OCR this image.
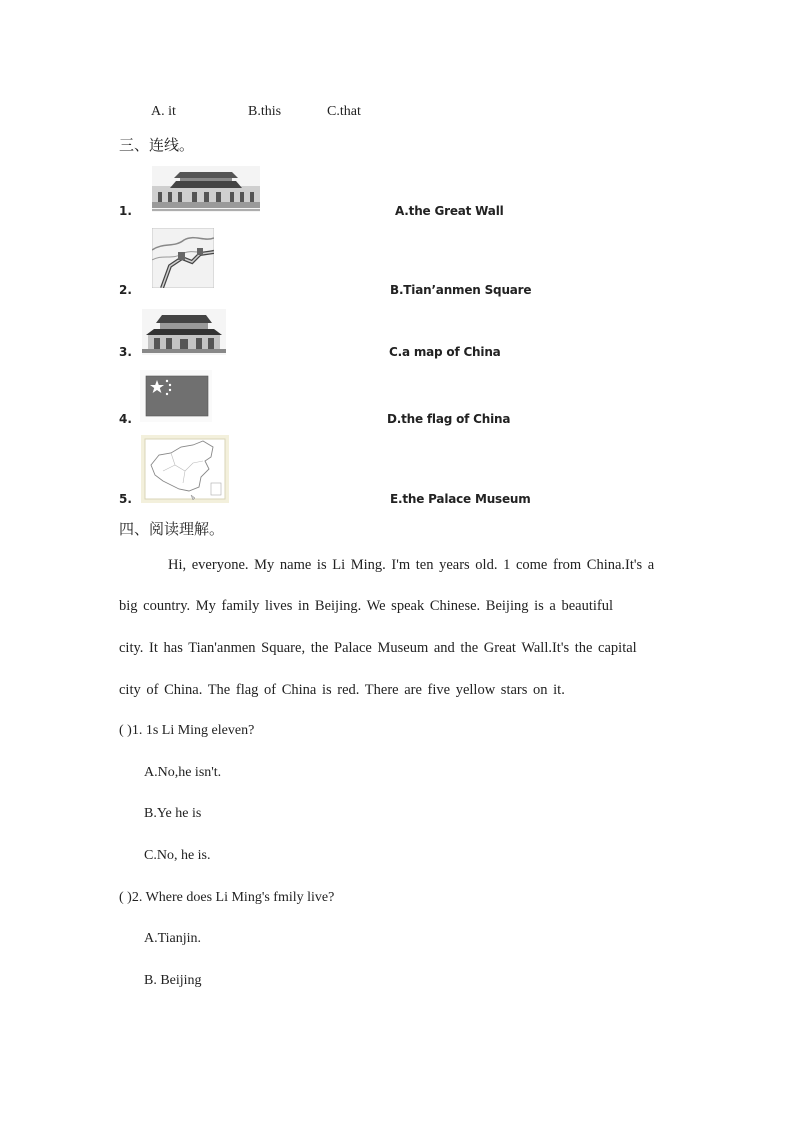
A. it	B.this	C.that
三、连线。
1.	A.the Great Wall
2.	B.Tian’anmen Square
3.	C.a map of China
4.	D.the flag of China
5.	E.the Palace Museum
四、阅读理解。
Hi, everyone. My name is Li Ming. I'm ten years old. 1 come from China.It's a
big country. My family lives in Beijing. We speak Chinese. Beijing is a beautiful
city. It has Tian'anmen Square, the Palace Museum and the Great Wall.It's the capital
city of China. The flag of China is red. There are five yellow stars on it.
( )1. 1s Li Ming eleven?
A.No,he isn't.
B.Ye he is
C.No, he is.
( )2. Where does Li Ming's fmily live?
A.Tianjin.
B. Beijing
